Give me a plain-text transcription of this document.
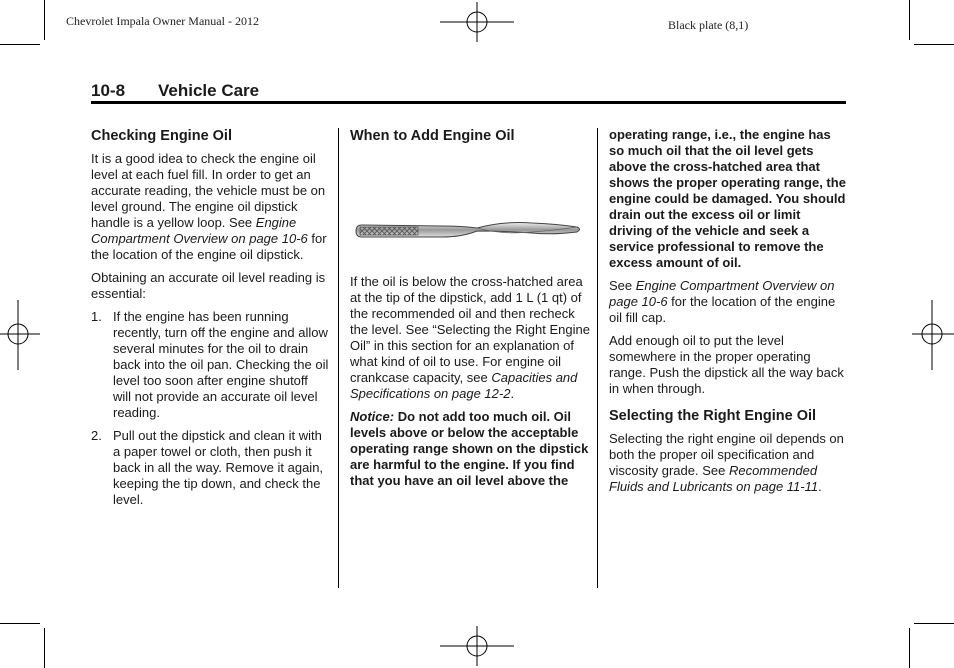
Chevrolet Impala Owner Manual - 2012	Black plate (8,1)
10-8 Vehicle Care
Checking Engine Oil

It is a good idea to check the engine oil level at each fuel fill. In order to get an accurate reading, the vehicle must be on level ground. The engine oil dipstick handle is a yellow loop. See Engine Compartment Overview on page 10-6 for the location of the engine oil dipstick.

Obtaining an accurate oil level reading is essential:

1. If the engine has been running recently, turn off the engine and allow several minutes for the oil to drain back into the oil pan. Checking the oil level too soon after engine shutoff will not provide an accurate oil level reading.
2. Pull out the dipstick and clean it with a paper towel or cloth, then push it back in all the way. Remove it again, keeping the tip down, and check the level.
When to Add Engine Oil

If the oil is below the cross-hatched area at the tip of the dipstick, add 1 L (1 qt) of the recommended oil and then recheck the level. See “Selecting the Right Engine Oil” in this section for an explanation of what kind of oil to use. For engine oil crankcase capacity, see Capacities and Specifications on page 12-2.

Notice: Do not add too much oil. Oil levels above or below the acceptable operating range shown on the dipstick are harmful to the engine. If you find that you have an oil level above the

operating range, i.e., the engine has so much oil that the oil level gets above the cross-hatched area that shows the proper operating range, the engine could be damaged. You should drain out the excess oil or limit driving of the vehicle and seek a service professional to remove the excess amount of oil.

See Engine Compartment Overview on page 10-6 for the location of the engine oil fill cap.

Add enough oil to put the level somewhere in the proper operating range. Push the dipstick all the way back in when through.

Selecting the Right Engine Oil

Selecting the right engine oil depends on both the proper oil specification and viscosity grade. See Recommended Fluids and Lubricants on page 11-11.
